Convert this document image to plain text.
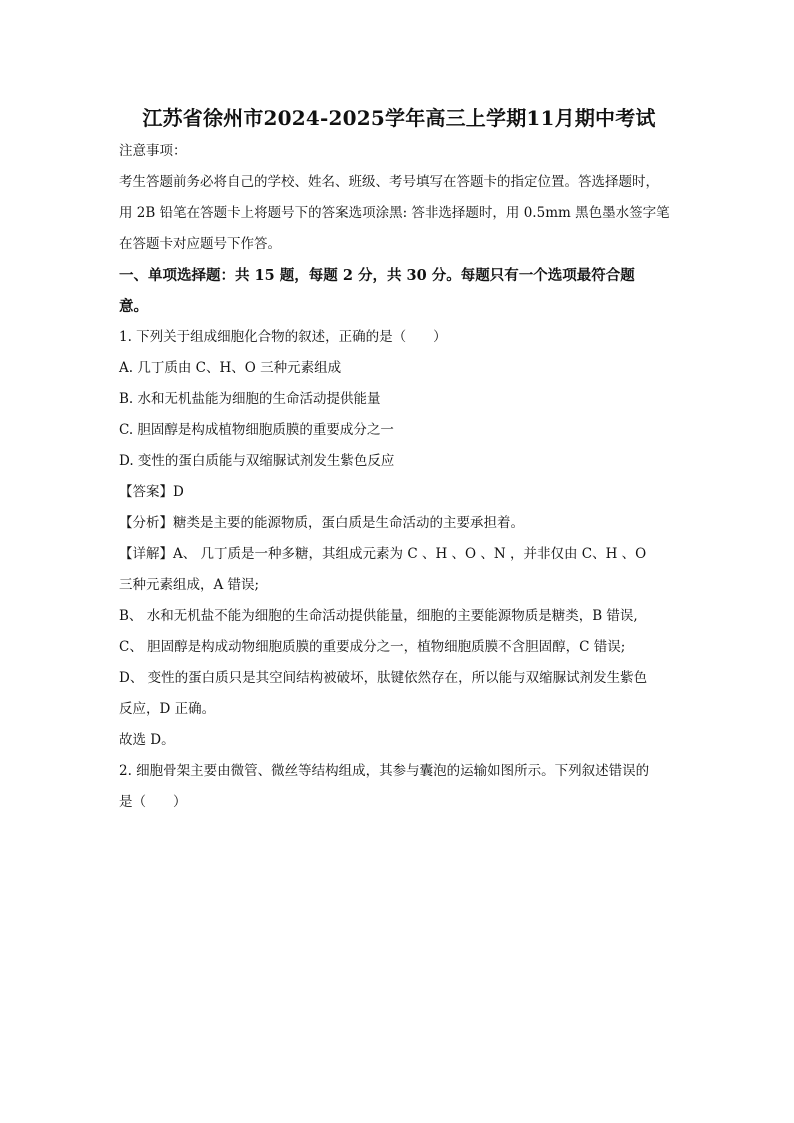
江苏省徐州市2024-2025学年高三上学期11月期中考试
注意事项：
考生答题前务必将自己的学校、姓名、班级、考号填写在答题卡的指定位置。答选择题时，
用 2B 铅笔在答题卡上将题号下的答案选项涂黑: 答非选择题时，用 0.5mm 黑色墨水签字笔
在答题卡对应题号下作答。
一、单项选择题：共 15 题，每题 2 分，共 30 分。每题只有一个选项最符合题
意。
1. 下列关于组成细胞化合物的叙述，正确的是（　　）
A. 几丁质由 C、H、O 三种元素组成
B. 水和无机盐能为细胞的生命活动提供能量
C. 胆固醇是构成植物细胞质膜的重要成分之一
D. 变性的蛋白质能与双缩脲试剂发生紫色反应
【答案】D
【分析】糖类是主要的能源物质，蛋白质是生命活动的主要承担着。
【详解】A、 几丁质是一种多糖，其组成元素为 C 、H 、O 、N ，并非仅由 C、H 、O
三种元素组成，A 错误;
B、 水和无机盐不能为细胞的生命活动提供能量，细胞的主要能源物质是糖类，B 错误,
C、 胆固醇是构成动物细胞质膜的重要成分之一，植物细胞质膜不含胆固醇，C 错误;
D、 变性的蛋白质只是其空间结构被破坏，肽键依然存在，所以能与双缩脲试剂发生紫色
反应，D 正确。
故选 D。
2. 细胞骨架主要由微管、微丝等结构组成，其参与囊泡的运输如图所示。下列叙述错误的
是（　　）
